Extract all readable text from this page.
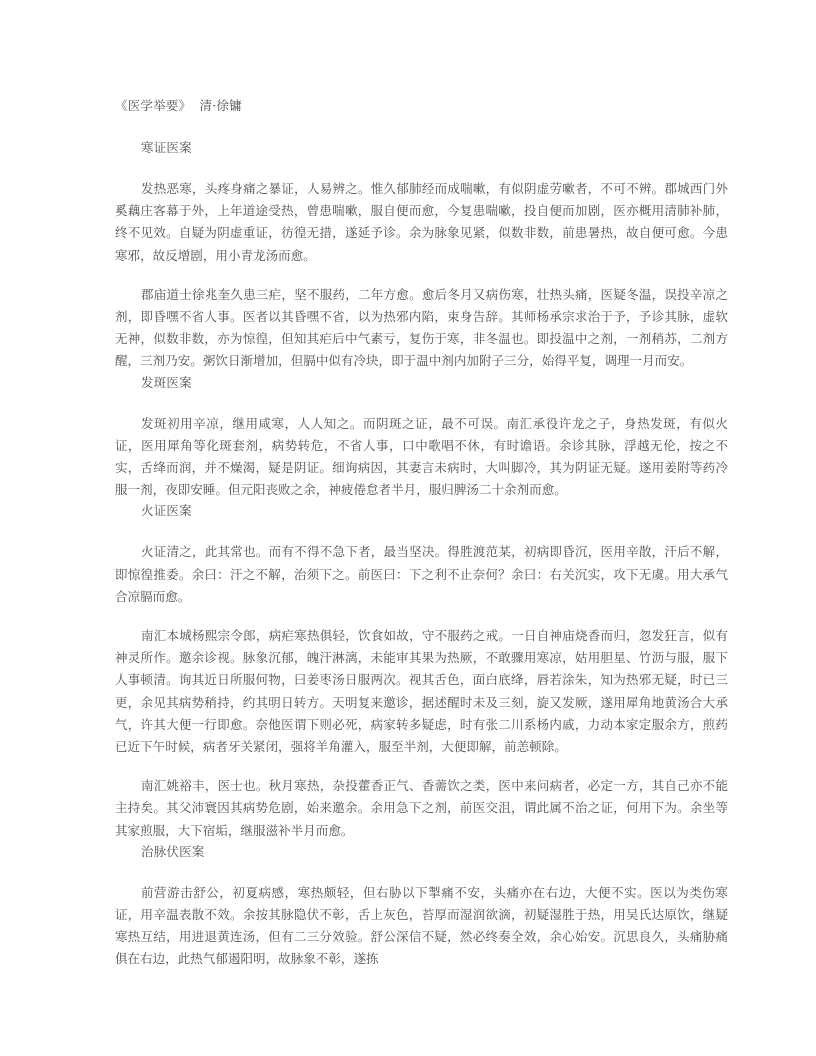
《医学举要》  清·徐镛

寒证医案

发热恶寒，头疼身痛之暴证，人易辨之。惟久郁肺经而成喘嗽，有似阴虚劳嗽者，不可不辨。郡城西门外奚藕庄客幕于外，上年道途受热，曾患喘嗽，服自便而愈，今复患喘嗽，投自便而加剧，医亦概用清肺补肺，终不见效。自疑为阴虚重证，彷徨无措，遂延予诊。余为脉象见紧，似数非数，前患暑热，故自便可愈。今患寒邪，故反增剧，用小青龙汤而愈。

郡庙道士徐兆奎久患三疟，坚不服药，二年方愈。愈后冬月又病伤寒，壮热头痛，医疑冬温，误投辛凉之剂，即昏嘿不省人事。医者以其昏嘿不省，以为热邪内陷，束身告辞。其师杨承宗求治于予，予诊其脉，虚软无神，似数非数，亦为惊徨，但知其疟后中气素亏，复伤于寒，非冬温也。即投温中之剂，一剂稍苏，二剂方醒，三剂乃安。粥饮日渐增加，但膈中似有冷块，即于温中剂内加附子三分，始得平复，调理一月而安。

发斑医案

发斑初用辛凉，继用咸寒，人人知之。而阴斑之证，最不可误。南汇承役许龙之子，身热发斑，有似火证，医用犀角等化斑套剂，病势转危，不省人事，口中歌唱不休，有时谵语。余诊其脉，浮越无伦，按之不实，舌绛而润，并不燥渴，疑是阴证。细询病因，其妻言未病时，大叫脚冷，其为阴证无疑。遂用姜附等药冷服一剂，夜即安睡。但元阳丧败之余，神疲倦怠者半月，服归脾汤二十余剂而愈。

火证医案

火证清之，此其常也。而有不得不急下者，最当坚决。得胜渡范某，初病即昏沉，医用辛散，汗后不解，即惊徨推委。余曰：汗之不解，治须下之。前医曰：下之利不止奈何？余曰：右关沉实，攻下无虞。用大承气合凉膈而愈。

南汇本城杨熙宗令郎，病疟寒热俱轻，饮食如故，守不服药之戒。一日自神庙烧香而归，忽发狂言，似有神灵所作。邀余诊视。脉象沉郁，魄汗淋漓，未能审其果为热厥，不敢骤用寒凉，姑用胆星、竹沥与服，服下人事顿清。询其近日所服何物，曰姜枣汤日服两次。视其舌色，面白底绛，唇若涂朱，知为热邪无疑，时已三更，余见其病势稍持，约其明日转方。天明复来邀诊，据述醒时未及三刻，旋又发厥，遂用犀角地黄汤合大承气，许其大便一行即愈。奈他医谓下则必死，病家转多疑虑，时有张二川系杨内戚，力动本家定服余方，煎药已近下午时候，病者牙关紧闭，强将羊角灌入，服至半剂，大便即解，前恙顿除。

南汇姚裕丰，医士也。秋月寒热，杂投藿香正气、香薷饮之类，医中来问病者，必定一方，其自己亦不能主持矣。其父沛寰因其病势危剧，始来邀余。余用急下之剂，前医交沮，谓此属不治之证，何用下为。余坐等其家煎服，大下宿垢，继服滋补半月而愈。

治脉伏医案

前营游击舒公，初夏病感，寒热颇轻，但右胁以下掣痛不安，头痛亦在右边，大便不实。医以为类伤寒证，用辛温表散不效。余按其脉隐伏不彰，舌上灰色，苔厚而湿润欲滴，初疑湿胜于热，用吴氏达原饮，继疑寒热互结，用进退黄连汤，但有二三分效验。舒公深信不疑，然必终奏全效，余心始安。沉思良久，头痛胁痛俱在右边，此热气郁遏阳明，故脉象不彰，遂拣
